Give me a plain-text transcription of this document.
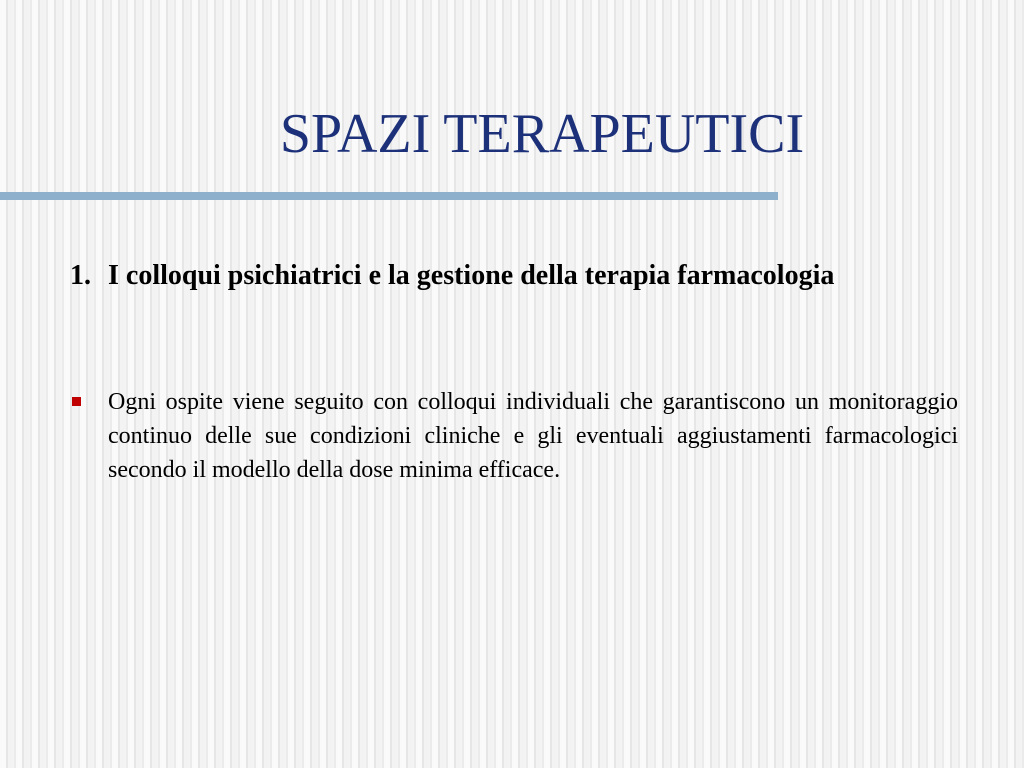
SPAZI TERAPEUTICI
1. I colloqui psichiatrici e la gestione della terapia farmacologia
Ogni ospite viene seguito con colloqui individuali che garantiscono un monitoraggio continuo delle sue condizioni cliniche e gli eventuali aggiustamenti farmacologici secondo il modello della dose minima efficace.
